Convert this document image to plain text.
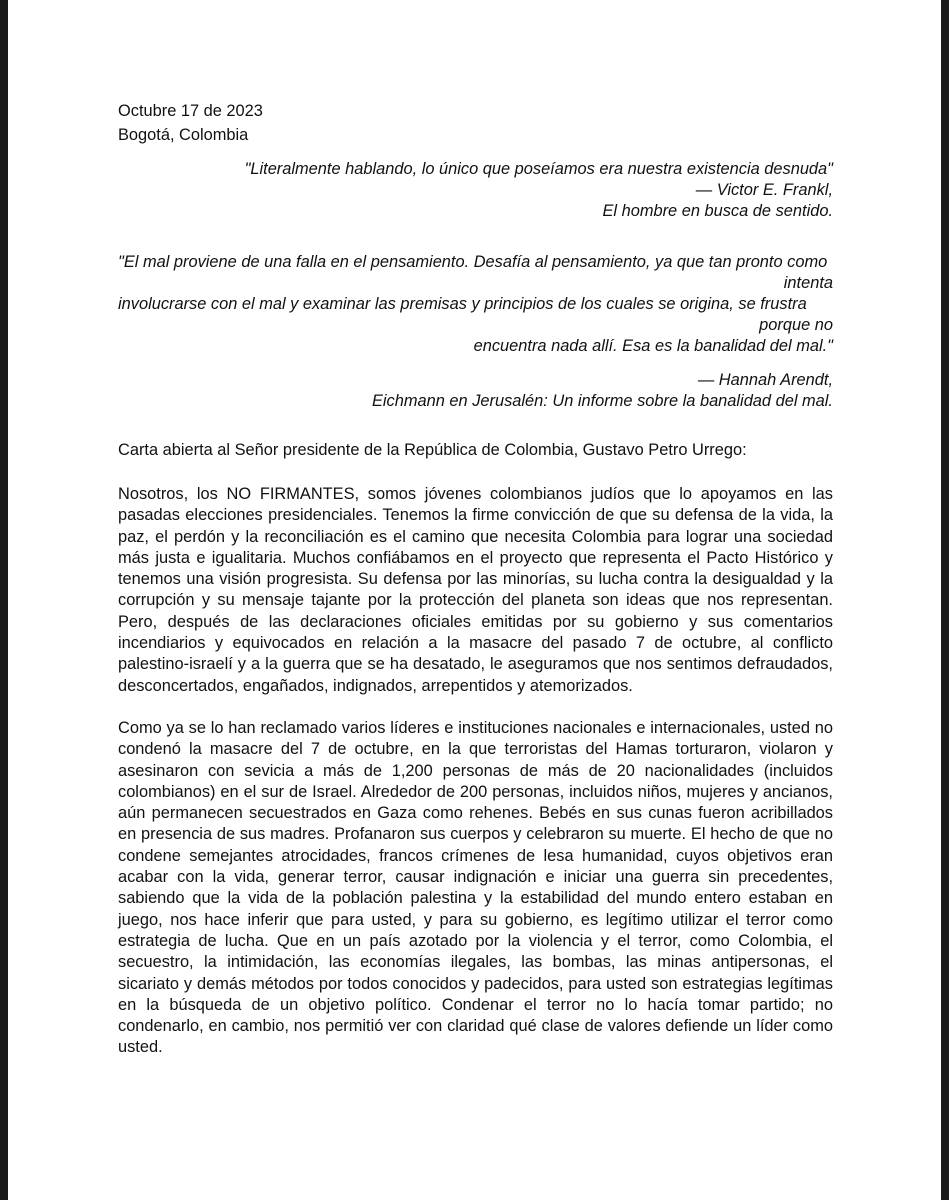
Octubre 17 de 2023
Bogotá, Colombia
"Literalmente hablando, lo único que poseíamos era nuestra existencia desnuda"
— Victor E. Frankl,
El hombre en busca de sentido.
"El mal proviene de una falla en el pensamiento. Desafía al pensamiento, ya que tan pronto como intenta
involucrarse con el mal y examinar las premisas y principios de los cuales se origina, se frustra porque no
encuentra nada allí. Esa es la banalidad del mal."
— Hannah Arendt,
Eichmann en Jerusalén: Un informe sobre la banalidad del mal.
Carta abierta al Señor presidente de la República de Colombia, Gustavo Petro Urrego:

Nosotros, los NO FIRMANTES, somos jóvenes colombianos judíos que lo apoyamos en las pasadas elecciones presidenciales. Tenemos la firme convicción de que su defensa de la vida, la paz, el perdón y la reconciliación es el camino que necesita Colombia para lograr una sociedad más justa e igualitaria. Muchos confiábamos en el proyecto que representa el Pacto Histórico y tenemos una visión progresista. Su defensa por las minorías, su lucha contra la desigualdad y la corrupción y su mensaje tajante por la protección del planeta son ideas que nos representan. Pero, después de las declaraciones oficiales emitidas por su gobierno y sus comentarios incendiarios y equivocados en relación a la masacre del pasado 7 de octubre, al conflicto palestino-israelí y a la guerra que se ha desatado, le aseguramos que nos sentimos defraudados, desconcertados, engañados, indignados, arrepentidos y atemorizados.

Como ya se lo han reclamado varios líderes e instituciones nacionales e internacionales, usted no condenó la masacre del 7 de octubre, en la que terroristas del Hamas torturaron, violaron y asesinaron con sevicia a más de 1,200 personas de más de 20 nacionalidades (incluidos colombianos) en el sur de Israel. Alrededor de 200 personas, incluidos niños, mujeres y ancianos, aún permanecen secuestrados en Gaza como rehenes. Bebés en sus cunas fueron acribillados en presencia de sus madres. Profanaron sus cuerpos y celebraron su muerte. El hecho de que no condene semejantes atrocidades, francos crímenes de lesa humanidad, cuyos objetivos eran acabar con la vida, generar terror, causar indignación e iniciar una guerra sin precedentes, sabiendo que la vida de la población palestina y la estabilidad del mundo entero estaban en juego, nos hace inferir que para usted, y para su gobierno, es legítimo utilizar el terror como estrategia de lucha. Que en un país azotado por la violencia y el terror, como Colombia, el secuestro, la intimidación, las economías ilegales, las bombas, las minas antipersonas, el sicariato y demás métodos por todos conocidos y padecidos, para usted son estrategias legítimas en la búsqueda de un objetivo político. Condenar el terror no lo hacía tomar partido; no condenarlo, en cambio, nos permitió ver con claridad qué clase de valores defiende un líder como usted.
